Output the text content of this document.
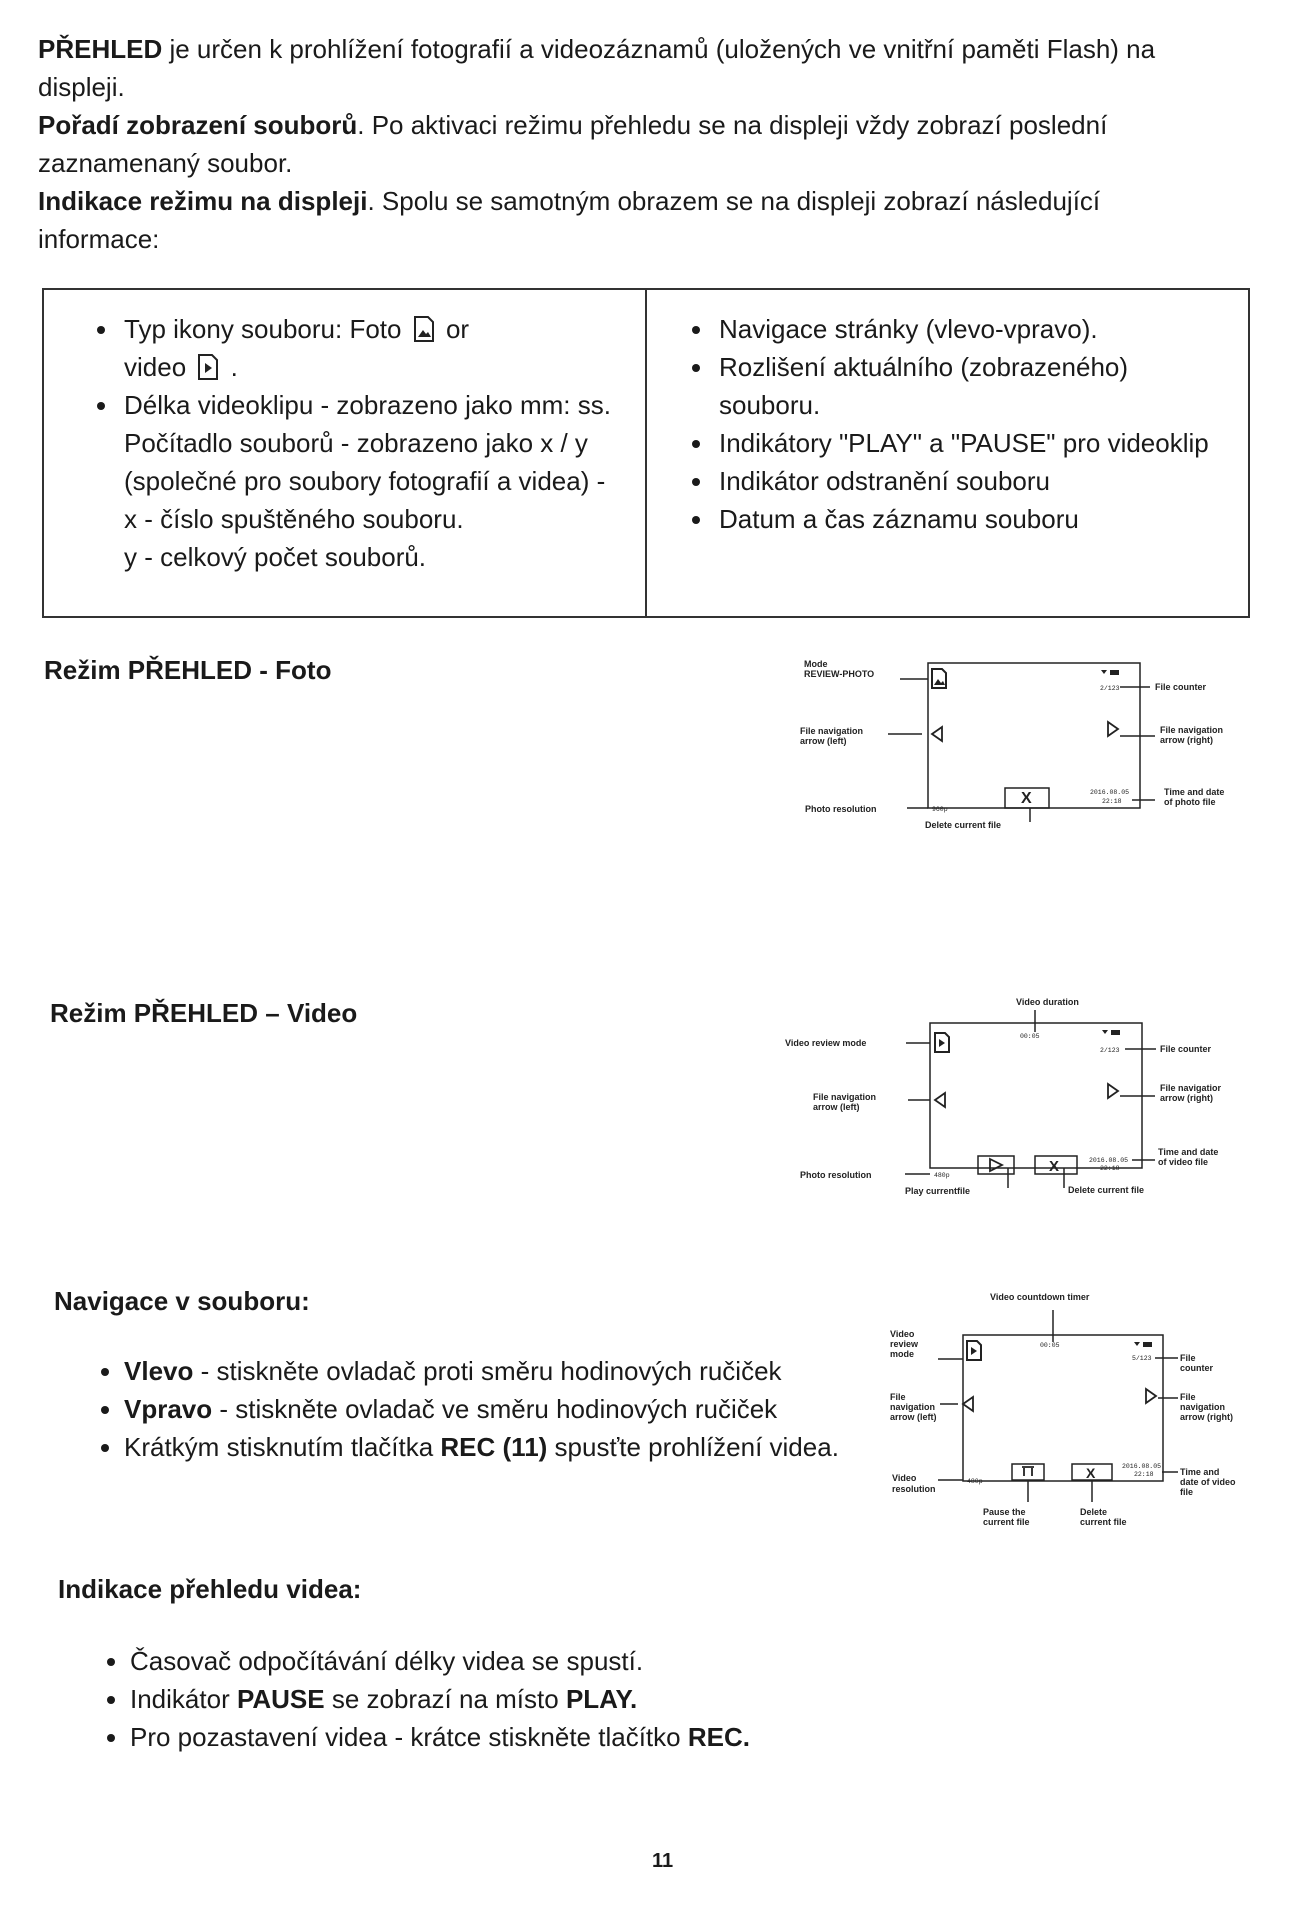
PŘEHLED je určen k prohlížení fotografií a videozáznamů (uložených ve vnitřní paměti Flash) na displeji.
Pořadí zobrazení souborů. Po aktivaci režimu přehledu se na displeji vždy zobrazí poslední zaznamenaný soubor.
Indikace režimu na displeji. Spolu se samotným obrazem se na displeji zobrazí následující informace:
• Typ ikony souboru: Foto or
video .
• Délka videoklipu - zobrazeno jako mm: ss. Počítadlo souborů - zobrazeno jako x / y (společné pro soubory fotografií a videa) -
x - číslo spuštěného souboru.
y - celkový počet souborů.

• Navigace stránky (vlevo-vpravo).
• Rozlišení aktuálního (zobrazeného) souboru.
• Indikátory "PLAY" a "PAUSE" pro videoklip
• Indikátor odstranění souboru
• Datum a čas záznamu souboru
Režim PŘEHLED - Foto
X
Mode
REVIEW-PHOTO
File navigation
arrow (left)
Photo resolution
Delete current file
File counter
File navigation
arrow (right)
Time and date
of photo file
2/123
960p
2016.08.05
22:18
Režim PŘEHLED – Video
X
Video duration
Video review mode
File navigation
arrow (left)
Photo resolution
Play currentfile	Delete current file
File counter
File navigatior
arrow (right)
Time and date
of video file
00:05
2/123
480p
2016.08.05
22:18
Navigace v souboru:
• Vlevo - stiskněte ovladač proti směru hodinových ručiček
• Vpravo - stiskněte ovladač ve směru hodinových ručiček
• Krátkým stisknutím tlačítka REC (11) spusťte prohlížení videa.
X
Video countdown timer
Video
review
mode
File
navigation
arrow (left)
Video
resolution
Pause the
current file
Delete
current file
File
counter
File
navigation
arrow (right)
Time and
date of video
file
00:05
5/123
480p
2016.08.05
22:18
Indikace přehledu videa:
• Časovač odpočítávání délky videa se spustí.
• Indikátor PAUSE se zobrazí na místo PLAY.
• Pro pozastavení videa - krátce stiskněte tlačítko REC.
11
